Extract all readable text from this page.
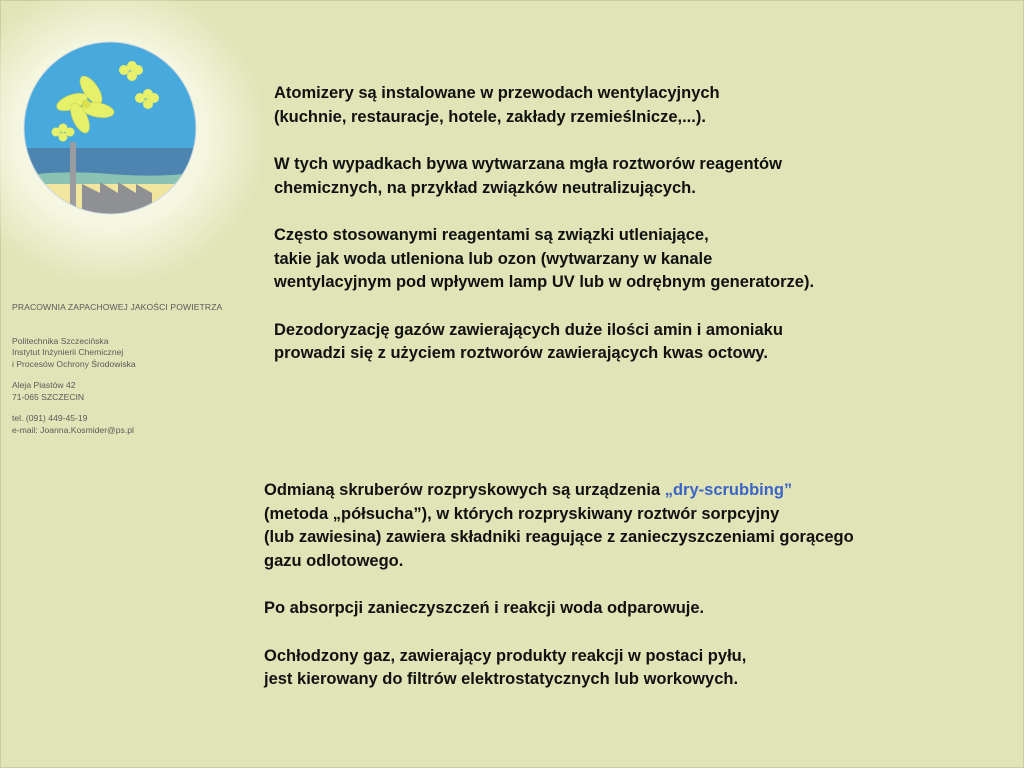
PRACOWNIA ZAPACHOWEJ JAKOŚCI POWIETRZA
Politechnika Szczecińska
Instytut Inżynierii Chemicznej
i Procesów Ochrony Środowiska
Aleja Piastów 42
71-065 SZCZECIN
tel. (091) 449-45-19
e-mail: Joanna.Kosmider@ps.pl

Atomizery są instalowane w przewodach wentylacyjnych
(kuchnie, restauracje, hotele, zakłady rzemieślnicze,...).

W tych wypadkach bywa wytwarzana mgła roztworów reagentów
chemicznych, na przykład związków neutralizujących.

Często stosowanymi reagentami są związki utleniające,
takie jak woda utleniona lub ozon (wytwarzany w kanale
wentylacyjnym pod wpływem lamp UV lub w odrębnym generatorze).

Dezodoryzację gazów zawierających duże ilości amin i amoniaku
prowadzi się z użyciem roztworów zawierających kwas octowy.

Odmianą skruberów rozpryskowych są urządzenia „dry-scrubbing”
(metoda „półsucha”), w których rozpryskiwany roztwór sorpcyjny
(lub zawiesina) zawiera składniki reagujące z zanieczyszczeniami gorącego
gazu odlotowego.

Po absorpcji zanieczyszczeń i reakcji woda odparowuje.

Ochłodzony gaz, zawierający produkty reakcji w postaci pyłu,
jest kierowany do filtrów elektrostatycznych lub workowych.
